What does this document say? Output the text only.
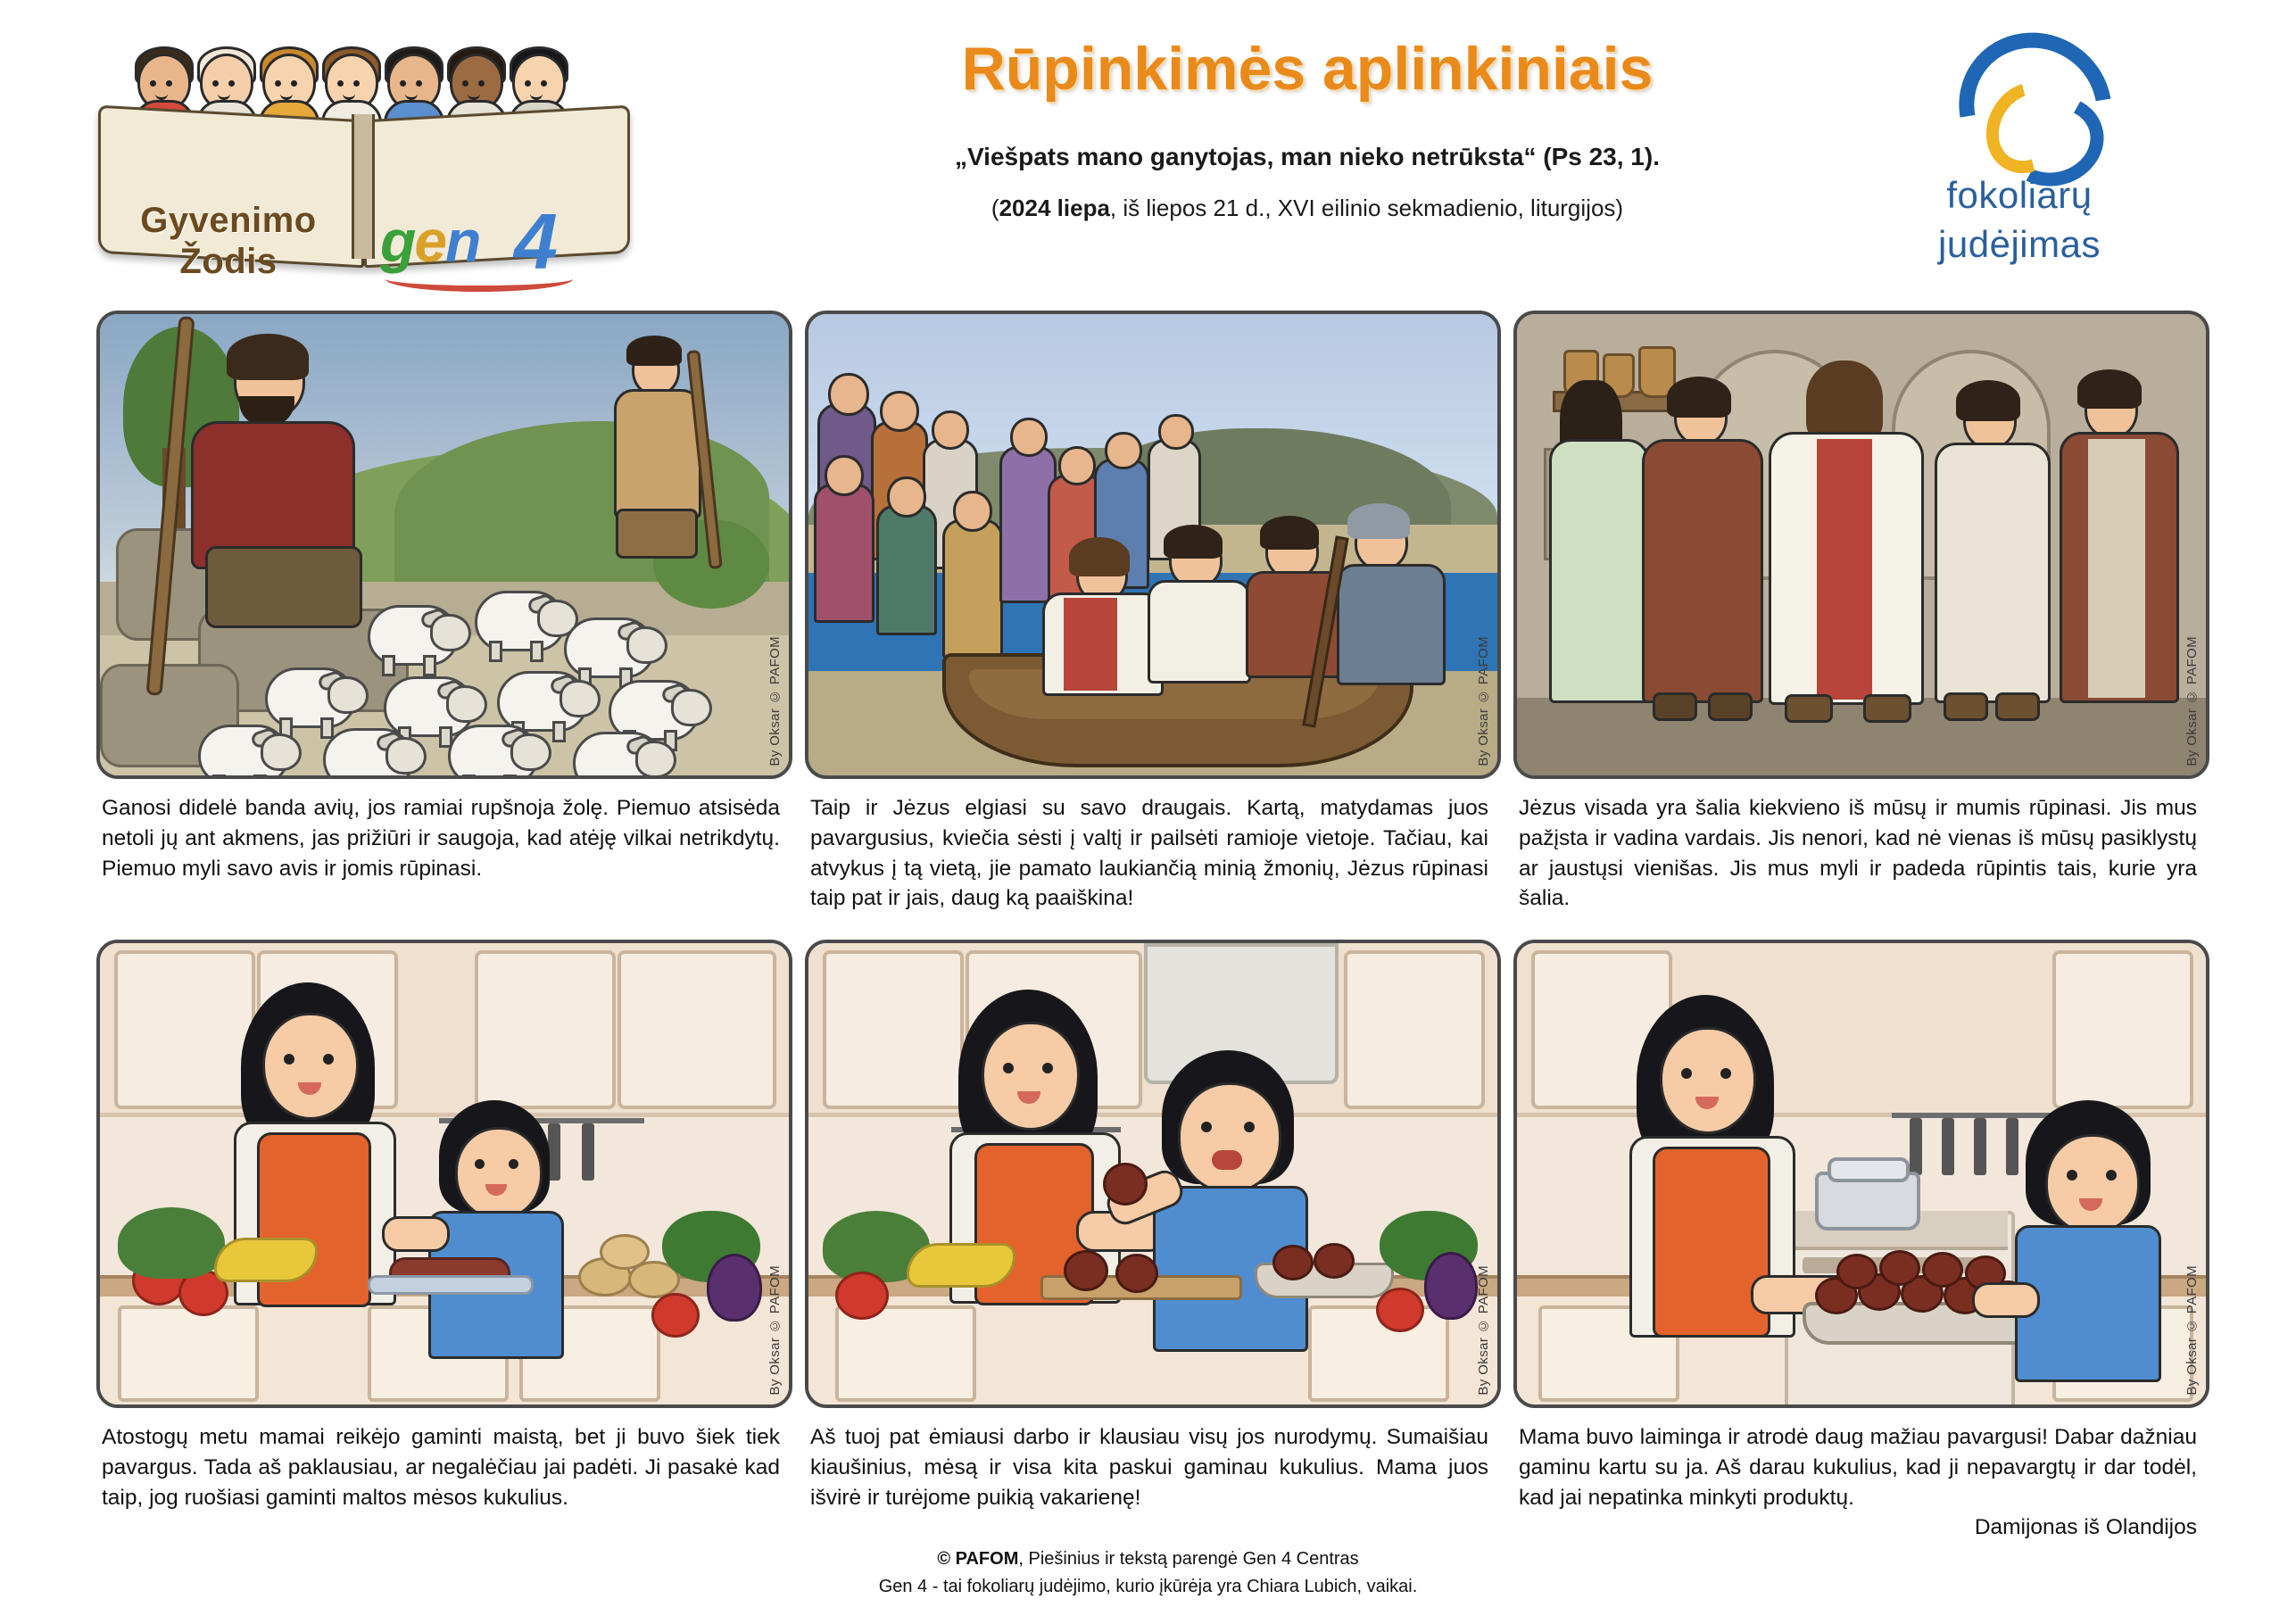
Gyvenimo
Žodis	gen 4
Rūpinkimės aplinkiniais
„Viešpats mano ganytojas, man nieko netrūksta“ (Ps 23, 1).
(2024 liepa, iš liepos 21 d., XVI eilinio sekmadienio, liturgijos)	fokoliarų
judėjimas
By Oksar © PAFOM
Ganosi didelė banda avių, jos ramiai rupšnoja žolę. Piemuo atsisėda netoli jų ant akmens, jas prižiūri ir saugoja, kad atėję vilkai netrikdytų. Piemuo myli savo avis ir jomis rūpinasi.
By Oksar © PAFOM
Taip ir Jėzus elgiasi su savo draugais. Kartą, matydamas juos pavargusius, kviečia sėsti į valtį ir pailsėti ramioje vietoje. Tačiau, kai atvykus į tą vietą, jie pamato laukiančią minią žmonių, Jėzus rūpinasi taip pat ir jais, daug ką paaiškina!
By Oksar © PAFOM
Jėzus visada yra šalia kiekvieno iš mūsų ir mumis rūpinasi. Jis mus pažįsta ir vadina vardais. Jis nenori, kad nė vienas iš mūsų pasiklystų ar jaustųsi vienišas. Jis mus myli ir padeda rūpintis tais, kurie yra šalia.
By Oksar © PAFOM
Atostogų metu mamai reikėjo gaminti maistą, bet ji buvo šiek tiek pavargus. Tada aš paklausiau, ar negalėčiau jai padėti. Ji pasakė kad taip, jog ruošiasi gaminti maltos mėsos kukulius.
By Oksar © PAFOM
Aš tuoj pat ėmiausi darbo ir klausiau visų jos nurodymų. Sumaišiau kiaušinius, mėsą ir visa kita paskui gaminau kukulius. Mama juos išvirė ir turėjome puikią vakarienę!
By Oksar © PAFOM
Mama buvo laiminga ir atrodė daug mažiau pavargusi! Dabar dažniau gaminu kartu su ja. Aš darau kukulius, kad ji nepavargtų ir dar todėl, kad jai nepatinka minkyti produktų.
Damijonas iš Olandijos
© PAFOM, Piešinius ir tekstą parengė Gen 4 Centras
Gen 4 - tai fokoliarų judėjimo, kurio įkūrėja yra Chiara Lubich, vaikai.
